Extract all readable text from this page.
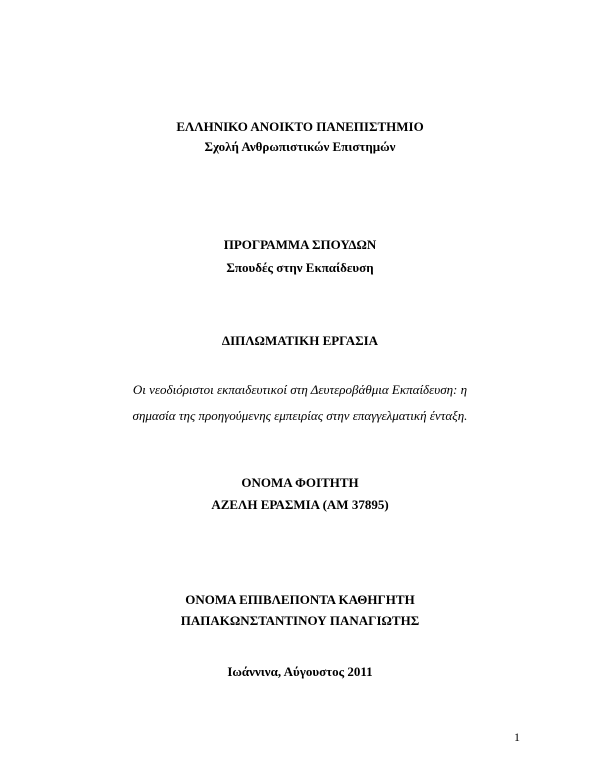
ΕΛΛΗΝΙΚΟ ΑΝΟΙΚΤΟ ΠΑΝΕΠΙΣΤΗΜΙΟ
Σχολή Ανθρωπιστικών Επιστημών
ΠΡΟΓΡΑΜΜΑ ΣΠΟΥΔΩΝ
Σπουδές στην Εκπαίδευση
ΔΙΠΛΩΜΑΤΙΚΗ ΕΡΓΑΣΙΑ
Οι νεοδιόριστοι εκπαιδευτικοί στη Δευτεροβάθμια Εκπαίδευση: η
σημασία της προηγούμενης εμπειρίας στην επαγγελματική ένταξη.
ΟΝΟΜΑ ΦΟΙΤΗΤΗ
ΑΖΕΛΗ ΕΡΑΣΜΙΑ (ΑΜ 37895)
ΟΝΟΜΑ ΕΠΙΒΛΕΠΟΝΤΑ ΚΑΘΗΓΗΤΗ
ΠΑΠΑΚΩΝΣΤΑΝΤΙΝΟΥ ΠΑΝΑΓΙΩΤΗΣ
Ιωάννινα, Αύγουστος 2011
1
